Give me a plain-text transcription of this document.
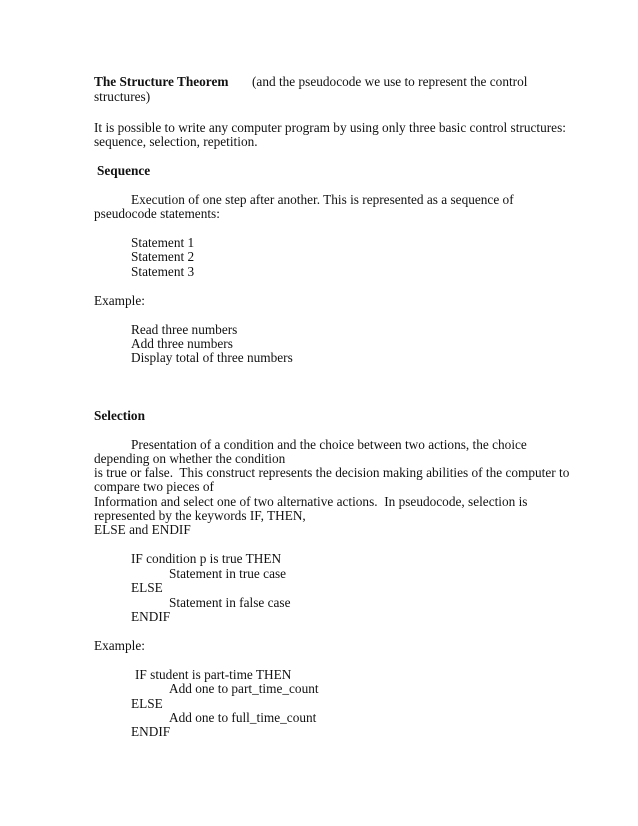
The Structure Theorem (and the pseudocode we use to represent the control
structures)
It is possible to write any computer program by using only three basic control structures:
sequence, selection, repetition.
Sequence
Execution of one step after another. This is represented as a sequence of
pseudocode statements:
Statement 1
Statement 2
Statement 3
Example:
Read three numbers
Add three numbers
Display total of three numbers
Selection
Presentation of a condition and the choice between two actions, the choice
depending on whether the condition
is true or false.  This construct represents the decision making abilities of the computer to
compare two pieces of
Information and select one of two alternative actions.  In pseudocode, selection is
represented by the keywords IF, THEN,
ELSE and ENDIF
IF condition p is true THEN
Statement in true case
ELSE
Statement in false case
ENDIF
Example:
IF student is part-time THEN
Add one to part_time_count
ELSE
Add one to full_time_count
ENDIF
